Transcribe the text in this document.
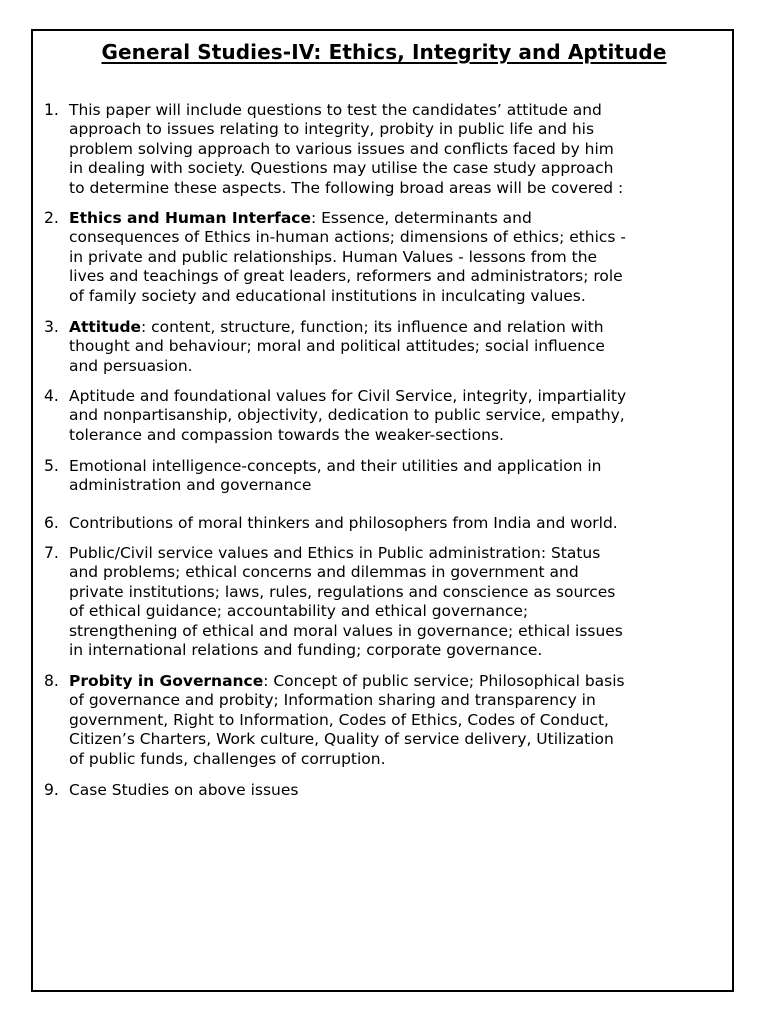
General Studies-IV: Ethics, Integrity and Aptitude
1. This paper will include questions to test the candidates’ attitude and
approach to issues relating to integrity, probity in public life and his
problem solving approach to various issues and conflicts faced by him
in dealing with society. Questions may utilise the case study approach
to determine these aspects. The following broad areas will be covered :
2. Ethics and Human Interface: Essence, determinants and
consequences of Ethics in-human actions; dimensions of ethics; ethics -
in private and public relationships. Human Values - lessons from the
lives and teachings of great leaders, reformers and administrators; role
of family society and educational institutions in inculcating values.
3. Attitude: content, structure, function; its influence and relation with
thought and behaviour; moral and political attitudes; social influence
and persuasion.
4. Aptitude and foundational values for Civil Service, integrity, impartiality
and nonpartisanship, objectivity, dedication to public service, empathy,
tolerance and compassion towards the weaker-sections.
5. Emotional intelligence-concepts, and their utilities and application in
administration and governance
6. Contributions of moral thinkers and philosophers from India and world.
7. Public/Civil service values and Ethics in Public administration: Status
and problems; ethical concerns and dilemmas in government and
private institutions; laws, rules, regulations and conscience as sources
of ethical guidance; accountability and ethical governance;
strengthening of ethical and moral values in governance; ethical issues
in international relations and funding; corporate governance.
8. Probity in Governance: Concept of public service; Philosophical basis
of governance and probity; Information sharing and transparency in
government, Right to Information, Codes of Ethics, Codes of Conduct,
Citizen’s Charters, Work culture, Quality of service delivery, Utilization
of public funds, challenges of corruption.
9. Case Studies on above issues
